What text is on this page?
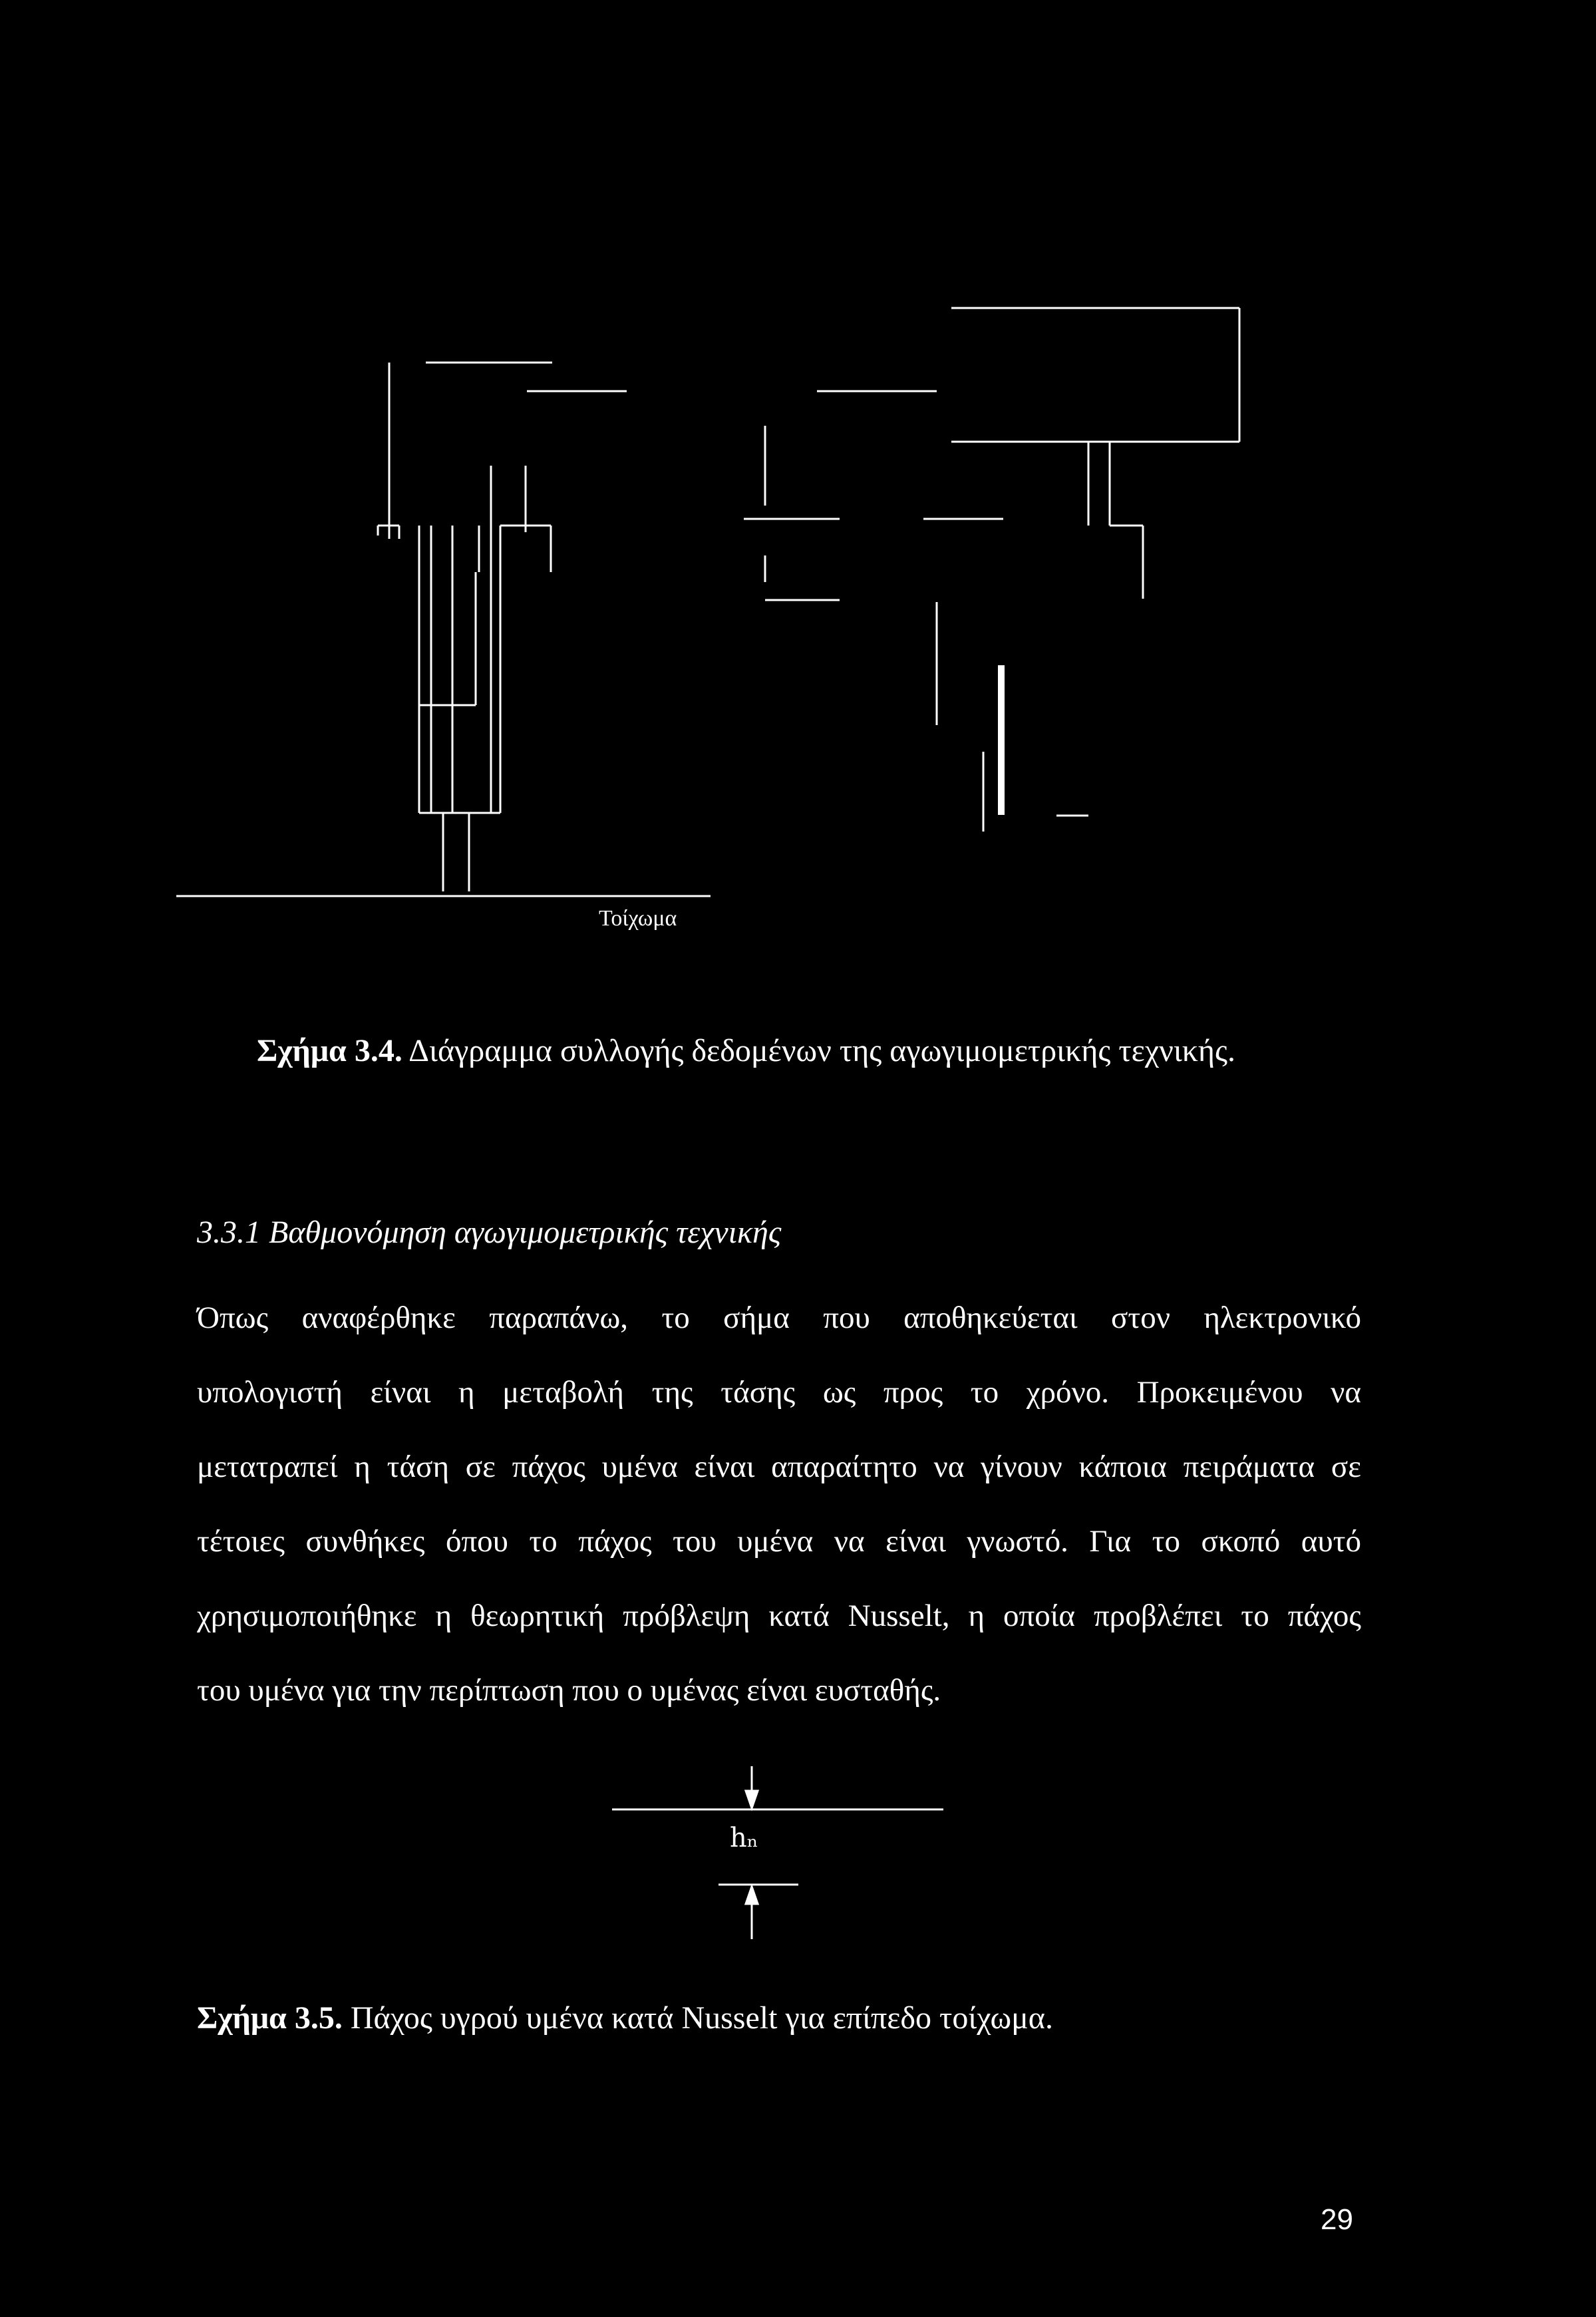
Τοίχωμα
Σχήμα 3.4. Διάγραμμα συλλογής δεδομένων της αγωγιμομετρικής τεχνικής.
3.3.1 Βαθμονόμηση αγωγιμομετρικής τεχνικής
Όπως αναφέρθηκε παραπάνω, το σήμα που αποθηκεύεται στον ηλεκτρονικό
υπολογιστή είναι η μεταβολή της τάσης ως προς το χρόνο. Προκειμένου να
μετατραπεί η τάση σε πάχος υμένα είναι απαραίτητο να γίνουν κάποια πειράματα σε
τέτοιες συνθήκες όπου το πάχος του υμένα να είναι γνωστό. Για το σκοπό αυτό
χρησιμοποιήθηκε η θεωρητική πρόβλεψη κατά Nusselt, η οποία προβλέπει το πάχος
του υμένα για την περίπτωση που ο υμένας είναι ευσταθής.
hₙ
Σχήμα 3.5. Πάχος υγρού υμένα κατά Nusselt για επίπεδο τοίχωμα.
29
